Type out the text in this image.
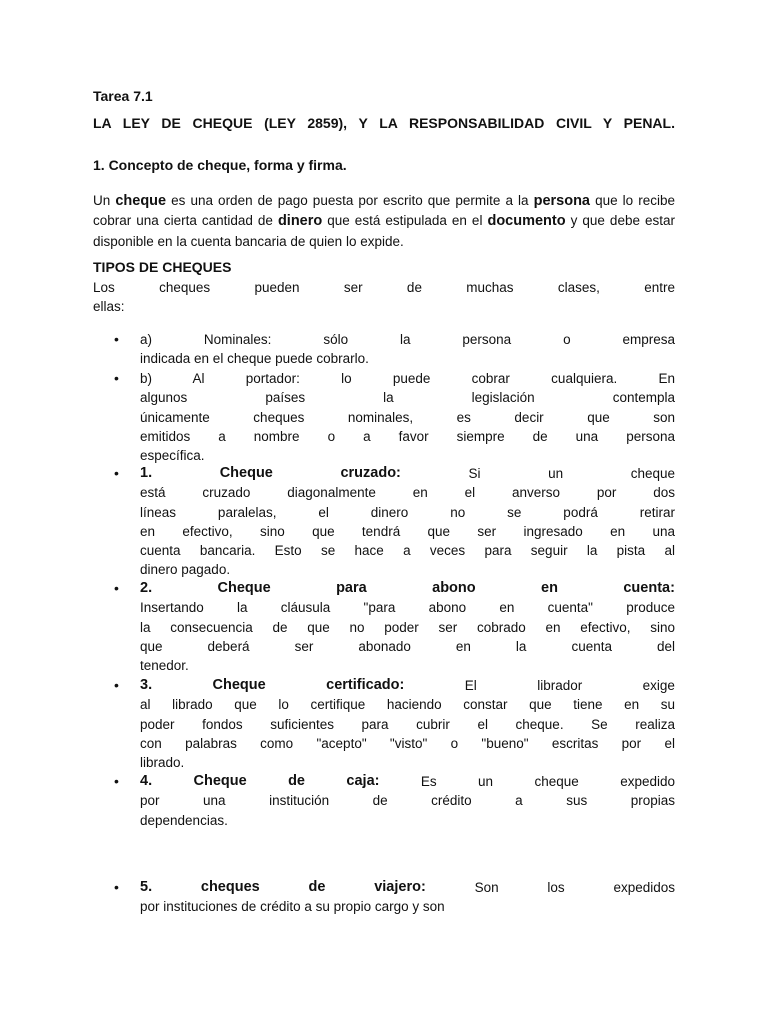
Tarea 7.1
LA LEY DE CHEQUE (LEY 2859), Y LA RESPONSABILIDAD CIVIL Y PENAL.
1. Concepto de cheque, forma y firma.
Un cheque es una orden de pago puesta por escrito que permite a la persona que lo recibe
cobrar una cierta cantidad de dinero que está estipulada en el documento y que debe estar
disponible en la cuenta bancaria de quien lo expide.
TIPOS DE CHEQUES
Los cheques pueden ser de muchas clases, entre
ellas:
• a) Nominales: sólo la persona o empresa
indicada en el cheque puede cobrarlo.
• b) Al portador: lo puede cobrar cualquiera. En
algunos países la legislación contempla
únicamente cheques nominales, es decir que son
emitidos a nombre o a favor siempre de una persona
específica.
• 1.	Cheque	cruzado:	Si	un	cheque
está cruzado diagonalmente en el anverso por dos
líneas paralelas, el dinero no se podrá retirar
en efectivo, sino que tendrá que ser ingresado en una
cuenta bancaria. Esto se hace a veces para seguir la pista al
dinero pagado.
• 2.	Cheque	para	abono	en	cuenta:
Insertando la cláusula "para abono en cuenta" produce
la consecuencia de que no poder ser cobrado en efectivo, sino
que deberá ser abonado en la cuenta del
tenedor.
• 3.	Cheque	certificado:	El	librador	exige
al librado que lo certifique haciendo constar que tiene en su
poder fondos suficientes para cubrir el cheque. Se realiza
con palabras como "acepto" "visto" o "bueno" escritas por el
librado.
• 4.	Cheque	de	caja:	Es	un	cheque	expedido
por una institución de crédito a sus propias
dependencias.
• 5.	cheques	de	viajero:	Son	los	expedidos
por instituciones de crédito a su propio cargo y son
